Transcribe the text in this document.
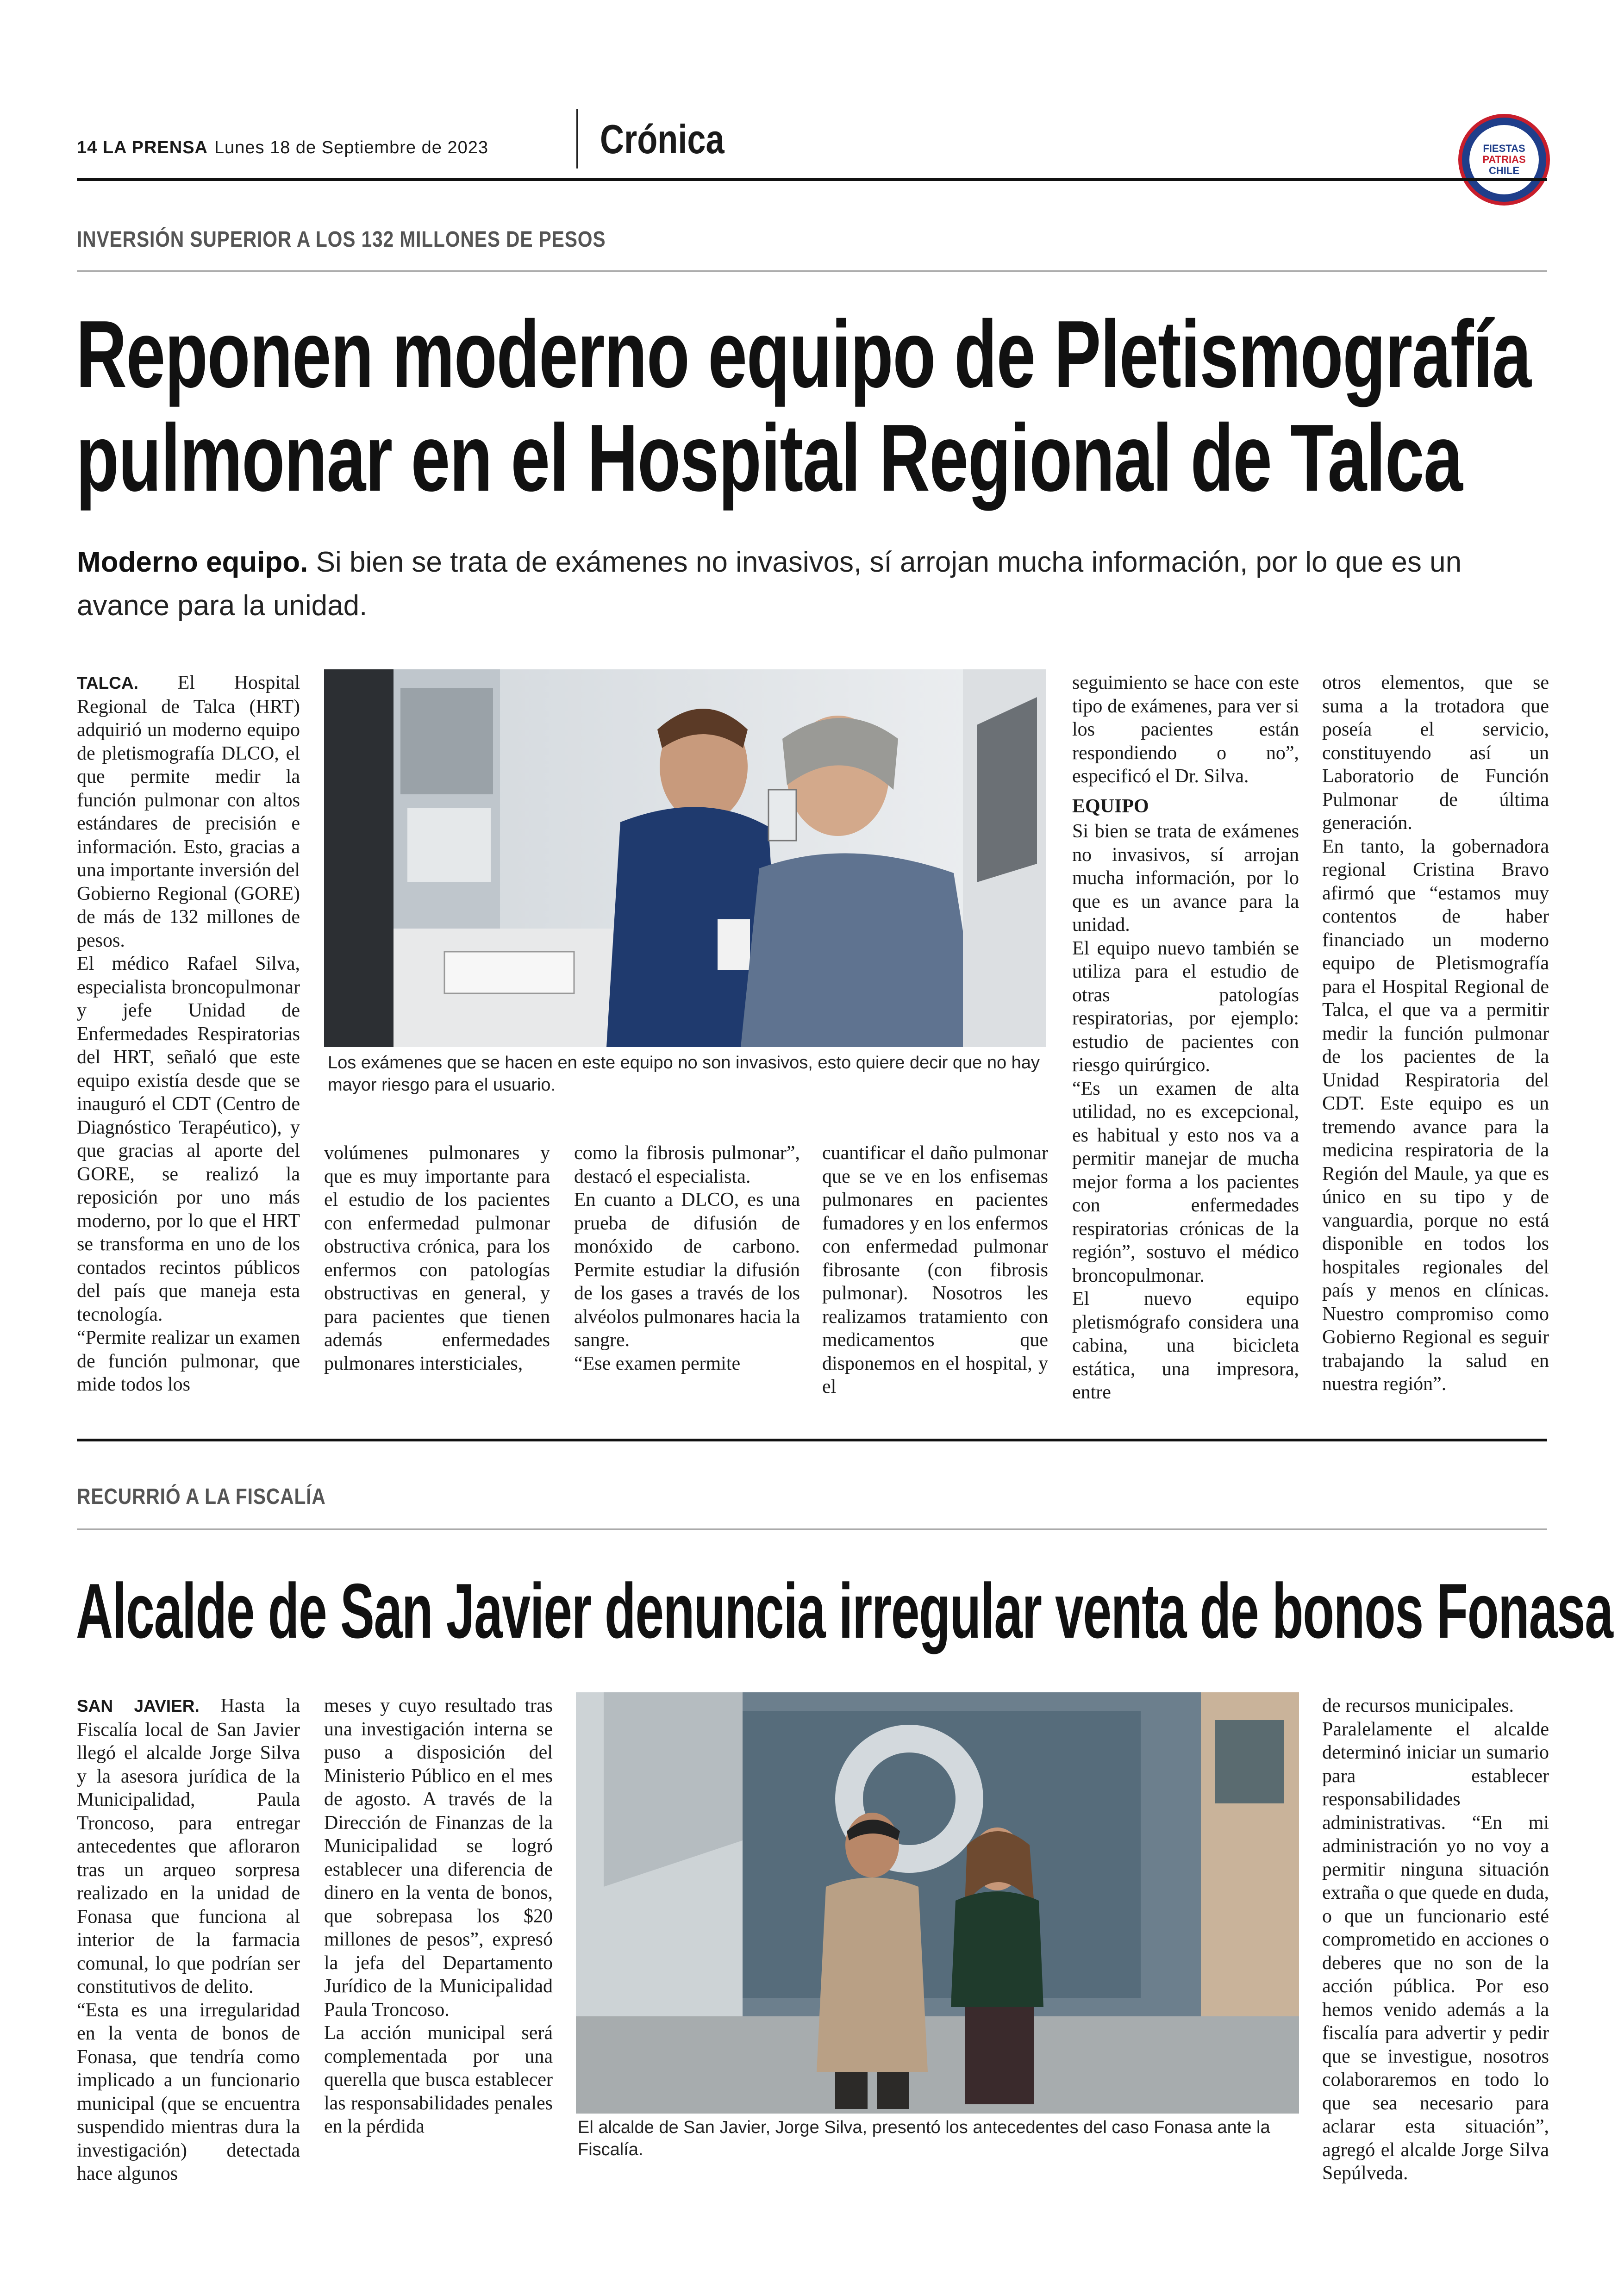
14 LA PRENSA Lunes 18 de Septiembre de 2023	Crónica	FIESTAS
PATRIAS
CHILE
INVERSIÓN SUPERIOR A LOS 132 MILLONES DE PESOS
Reponen moderno equipo de Pletismografía
pulmonar en el Hospital Regional de Talca
Moderno equipo. Si bien se trata de exámenes no invasivos, sí arrojan mucha información, por lo que es un avance para la unidad.

TALCA. El Hospital Regional de Talca (HRT) adquirió un moderno equipo de pletismografía DLCO, el que permite medir la función pulmonar con altos estándares de precisión e información. Esto, gracias a una importante inversión del Gobierno Regional (GORE) de más de 132 millones de pesos.

El médico Rafael Silva, especialista broncopulmonar y jefe Unidad de Enfermedades Respiratorias del HRT, señaló que este equipo existía desde que se inauguró el CDT (Centro de Diagnóstico Terapéutico), y que gracias al aporte del GORE, se realizó la reposición por uno más moderno, por lo que el HRT se transforma en uno de los contados recintos públicos del país que maneja esta tecnología.

“Permite realizar un examen de función pulmonar, que mide todos los

Los exámenes que se hacen en este equipo no son invasivos, esto quiere decir que no hay mayor riesgo para el usuario.

volúmenes pulmonares y que es muy importante para el estudio de los pacientes con enfermedad pulmonar obstructiva crónica, para los enfermos con patologías obstructivas en general, y para pacientes que tienen además enfermedades pulmonares intersticiales,

como la fibrosis pulmonar”, destacó el especialista.

En cuanto a DLCO, es una prueba de difusión de monóxido de carbono. Permite estudiar la difusión de los gases a través de los alvéolos pulmonares hacia la sangre.

“Ese examen permite

cuantificar el daño pulmonar que se ve en los enfisemas pulmonares en pacientes fumadores y en los enfermos con enfermedad pulmonar fibrosante (con fibrosis pulmonar). Nosotros les realizamos tratamiento con medicamentos que disponemos en el hospital, y el

seguimiento se hace con este tipo de exámenes, para ver si los pacientes están respondiendo o no”, especificó el Dr. Silva.

EQUIPO

Si bien se trata de exámenes no invasivos, sí arrojan mucha información, por lo que es un avance para la unidad.

El equipo nuevo también se utiliza para el estudio de otras patologías respiratorias, por ejemplo: estudio de pacientes con riesgo quirúrgico.

“Es un examen de alta utilidad, no es excepcional, es habitual y esto nos va a permitir manejar de mucha mejor forma a los pacientes con enfermedades respiratorias crónicas de la región”, sostuvo el médico broncopulmonar.

El nuevo equipo pletismógrafo considera una cabina, una bicicleta estática, una impresora, entre

otros elementos, que se suma a la trotadora que poseía el servicio, constituyendo así un Laboratorio de Función Pulmonar de última generación.

En tanto, la gobernadora regional Cristina Bravo afirmó que “estamos muy contentos de haber financiado un moderno equipo de Pletismografía para el Hospital Regional de Talca, el que va a permitir medir la función pulmonar de los pacientes de la Unidad Respiratoria del CDT. Este equipo es un tremendo avance para la medicina respiratoria de la Región del Maule, ya que es único en su tipo y de vanguardia, porque no está disponible en todos los hospitales regionales del país y menos en clínicas. Nuestro compromiso como Gobierno Regional es seguir trabajando la salud en nuestra región”.

RECURRIÓ A LA FISCALÍA
Alcalde de San Javier denuncia irregular venta de bonos Fonasa

SAN JAVIER. Hasta la Fiscalía local de San Javier llegó el alcalde Jorge Silva y la asesora jurídica de la Municipalidad, Paula Troncoso, para entregar antecedentes que afloraron tras un arqueo sorpresa realizado en la unidad de Fonasa que funciona al interior de la farmacia comunal, lo que podrían ser constitutivos de delito.

“Esta es una irregularidad en la venta de bonos de Fonasa, que tendría como implicado a un funcionario municipal (que se encuentra suspendido mientras dura la investigación) detectada hace algunos

meses y cuyo resultado tras una investigación interna se puso a disposición del Ministerio Público en el mes de agosto. A través de la Dirección de Finanzas de la Municipalidad se logró establecer una diferencia de dinero en la venta de bonos, que sobrepasa los $20 millones de pesos”, expresó la jefa del Departamento Jurídico de la Municipalidad Paula Troncoso.

La acción municipal será complementada por una querella que busca establecer las responsabilidades penales en la pérdida	El alcalde de San Javier, Jorge Silva, presentó los antecedentes del caso Fonasa ante la Fiscalía.

de recursos municipales.

Paralelamente el alcalde determinó iniciar un sumario para establecer responsabilidades administrativas. “En mi administración yo no voy a permitir ninguna situación extraña o que quede en duda, o que un funcionario esté comprometido en acciones o deberes que no son de la acción pública. Por eso hemos venido además a la fiscalía para advertir y pedir que se investigue, nosotros colaboraremos en todo lo que sea necesario para aclarar esta situación”, agregó el alcalde Jorge Silva Sepúlveda.
